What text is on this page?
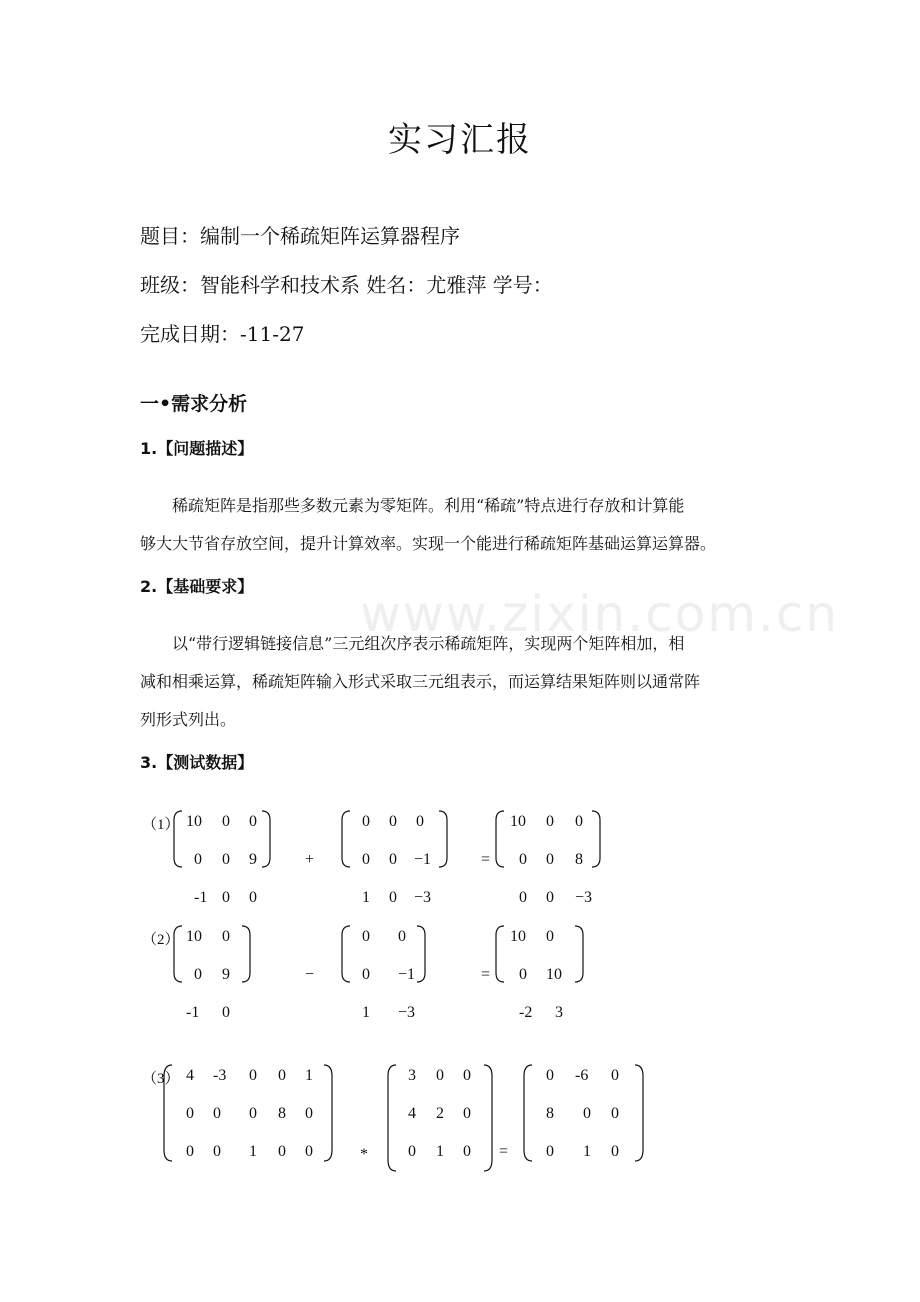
www.zixin.com.cn
实习汇报
题目：编制一个稀疏矩阵运算器程序
班级：智能科学和技术系 姓名：尤雅萍 学号：
完成日期：-11-27
一•需求分析
1.【问题描述】
稀疏矩阵是指那些多数元素为零矩阵。利用“稀疏”特点进行存放和计算能
够大大节省存放空间，提升计算效率。实现一个能进行稀疏矩阵基础运算运算器。
2.【基础要求】
以“带行逻辑链接信息”三元组次序表示稀疏矩阵，实现两个矩阵相加，相
减和相乘运算，稀疏矩阵输入形式采取三元组表示，而运算结果矩阵则以通常阵
列形式列出。
3.【测试数据】
（1） 10 0 0
0 0 9
-1 0 0
+
0 0 0
0 0 −1
1 0 −3
=
10 0 0
0 0 8
0 0 −3
（2） 10 0
0 9
-1 0
−
0 0
0 −1
1 −3
=
10 0
0 10
-2 3
（3） 4 -3 0 0 1
0 0 0 8 0
0 0 1 0 0	*
3 0 0
4 2 0
0 1 0 =
0 -6 0
8 0 0
0 1 0
